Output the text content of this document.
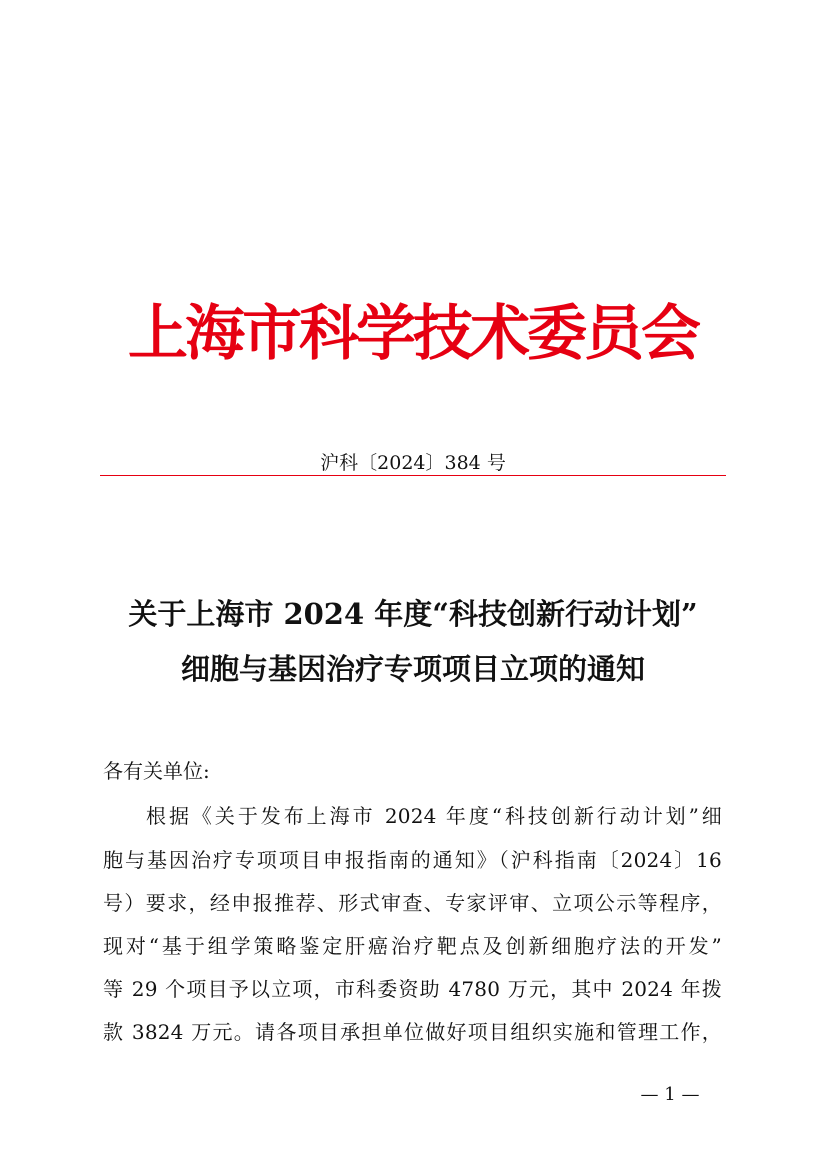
上海市科学技术委员会
沪科〔2024〕384 号
关于上海市 2024 年度“科技创新行动计划”
细胞与基因治疗专项项目立项的通知
各有关单位:
根据《关于发布上海市 2024 年度“科技创新行动计划”细
胞与基因治疗专项项目申报指南的通知》（沪科指南〔2024〕16
号）要求，经申报推荐、形式审查、专家评审、立项公示等程序，
现对“基于组学策略鉴定肝癌治疗靶点及创新细胞疗法的开发”
等 29 个项目予以立项，市科委资助 4780 万元，其中 2024 年拨
款 3824 万元。请各项目承担单位做好项目组织实施和管理工作，
— 1 —
